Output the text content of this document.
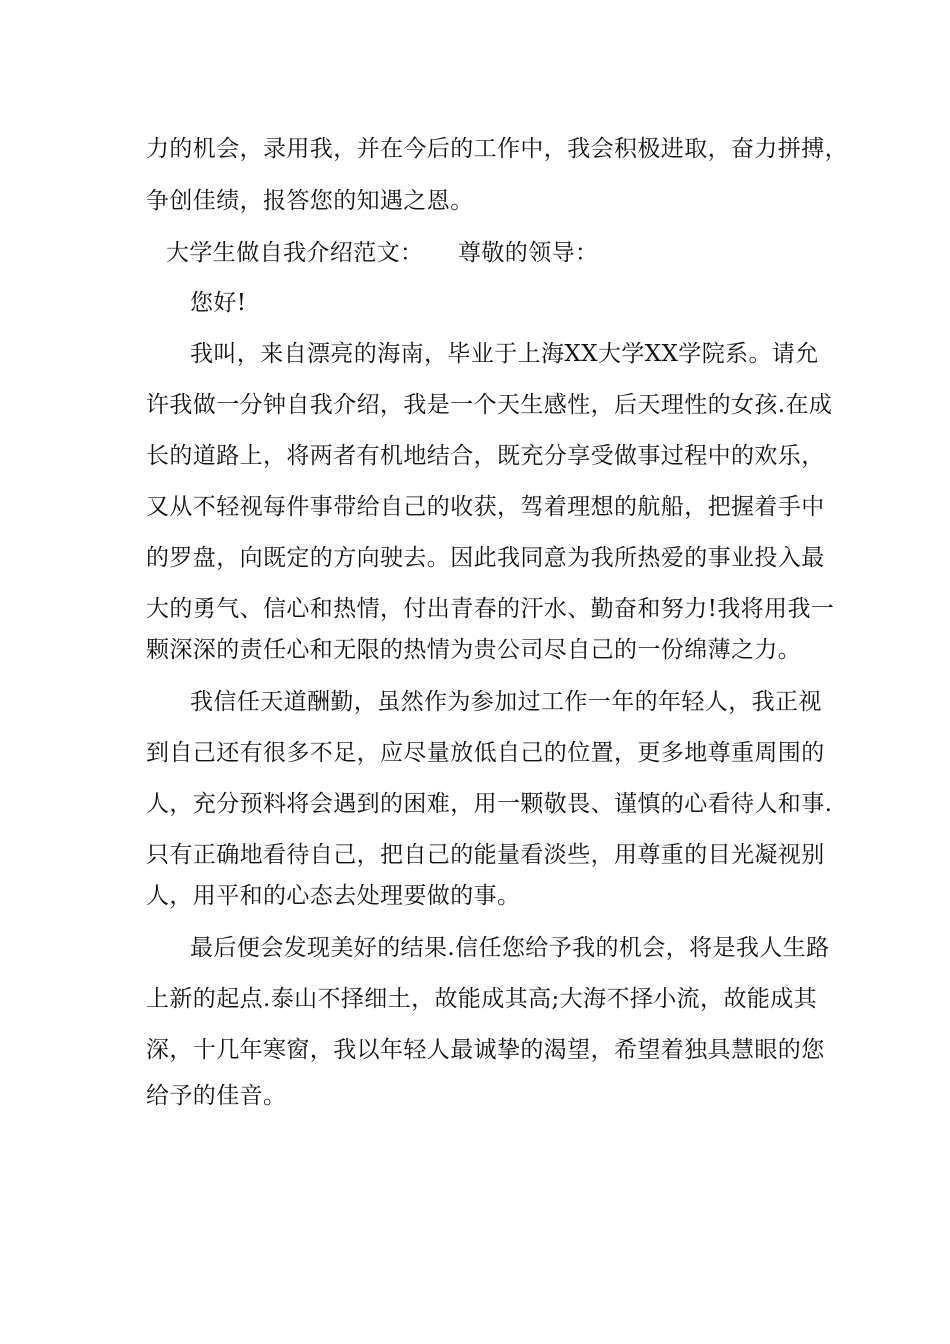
力的机会，录用我，并在今后的工作中，我会积极进取，奋力拼搏，
争创佳绩，报答您的知遇之恩。
大学生做自我介绍范文： 尊敬的领导：
您好!
我叫，来自漂亮的海南，毕业于上海XX大学XX学院系。请允
许我做一分钟自我介绍，我是一个天生感性，后天理性的女孩.在成
长的道路上，将两者有机地结合，既充分享受做事过程中的欢乐，
又从不轻视每件事带给自己的收获，驾着理想的航船，把握着手中
的罗盘，向既定的方向驶去。因此我同意为我所热爱的事业投入最
大的勇气、信心和热情，付出青春的汗水、勤奋和努力!我将用我一
颗深深的责任心和无限的热情为贵公司尽自己的一份绵薄之力。
我信任天道酬勤，虽然作为参加过工作一年的年轻人，我正视
到自己还有很多不足，应尽量放低自己的位置，更多地尊重周围的
人，充分预料将会遇到的困难，用一颗敬畏、谨慎的心看待人和事.
只有正确地看待自己，把自己的能量看淡些，用尊重的目光凝视别
人，用平和的心态去处理要做的事。
最后便会发现美好的结果.信任您给予我的机会，将是我人生路
上新的起点.泰山不择细土，故能成其高;大海不择小流，故能成其
深，十几年寒窗，我以年轻人最诚挚的渴望，希望着独具慧眼的您
给予的佳音。
